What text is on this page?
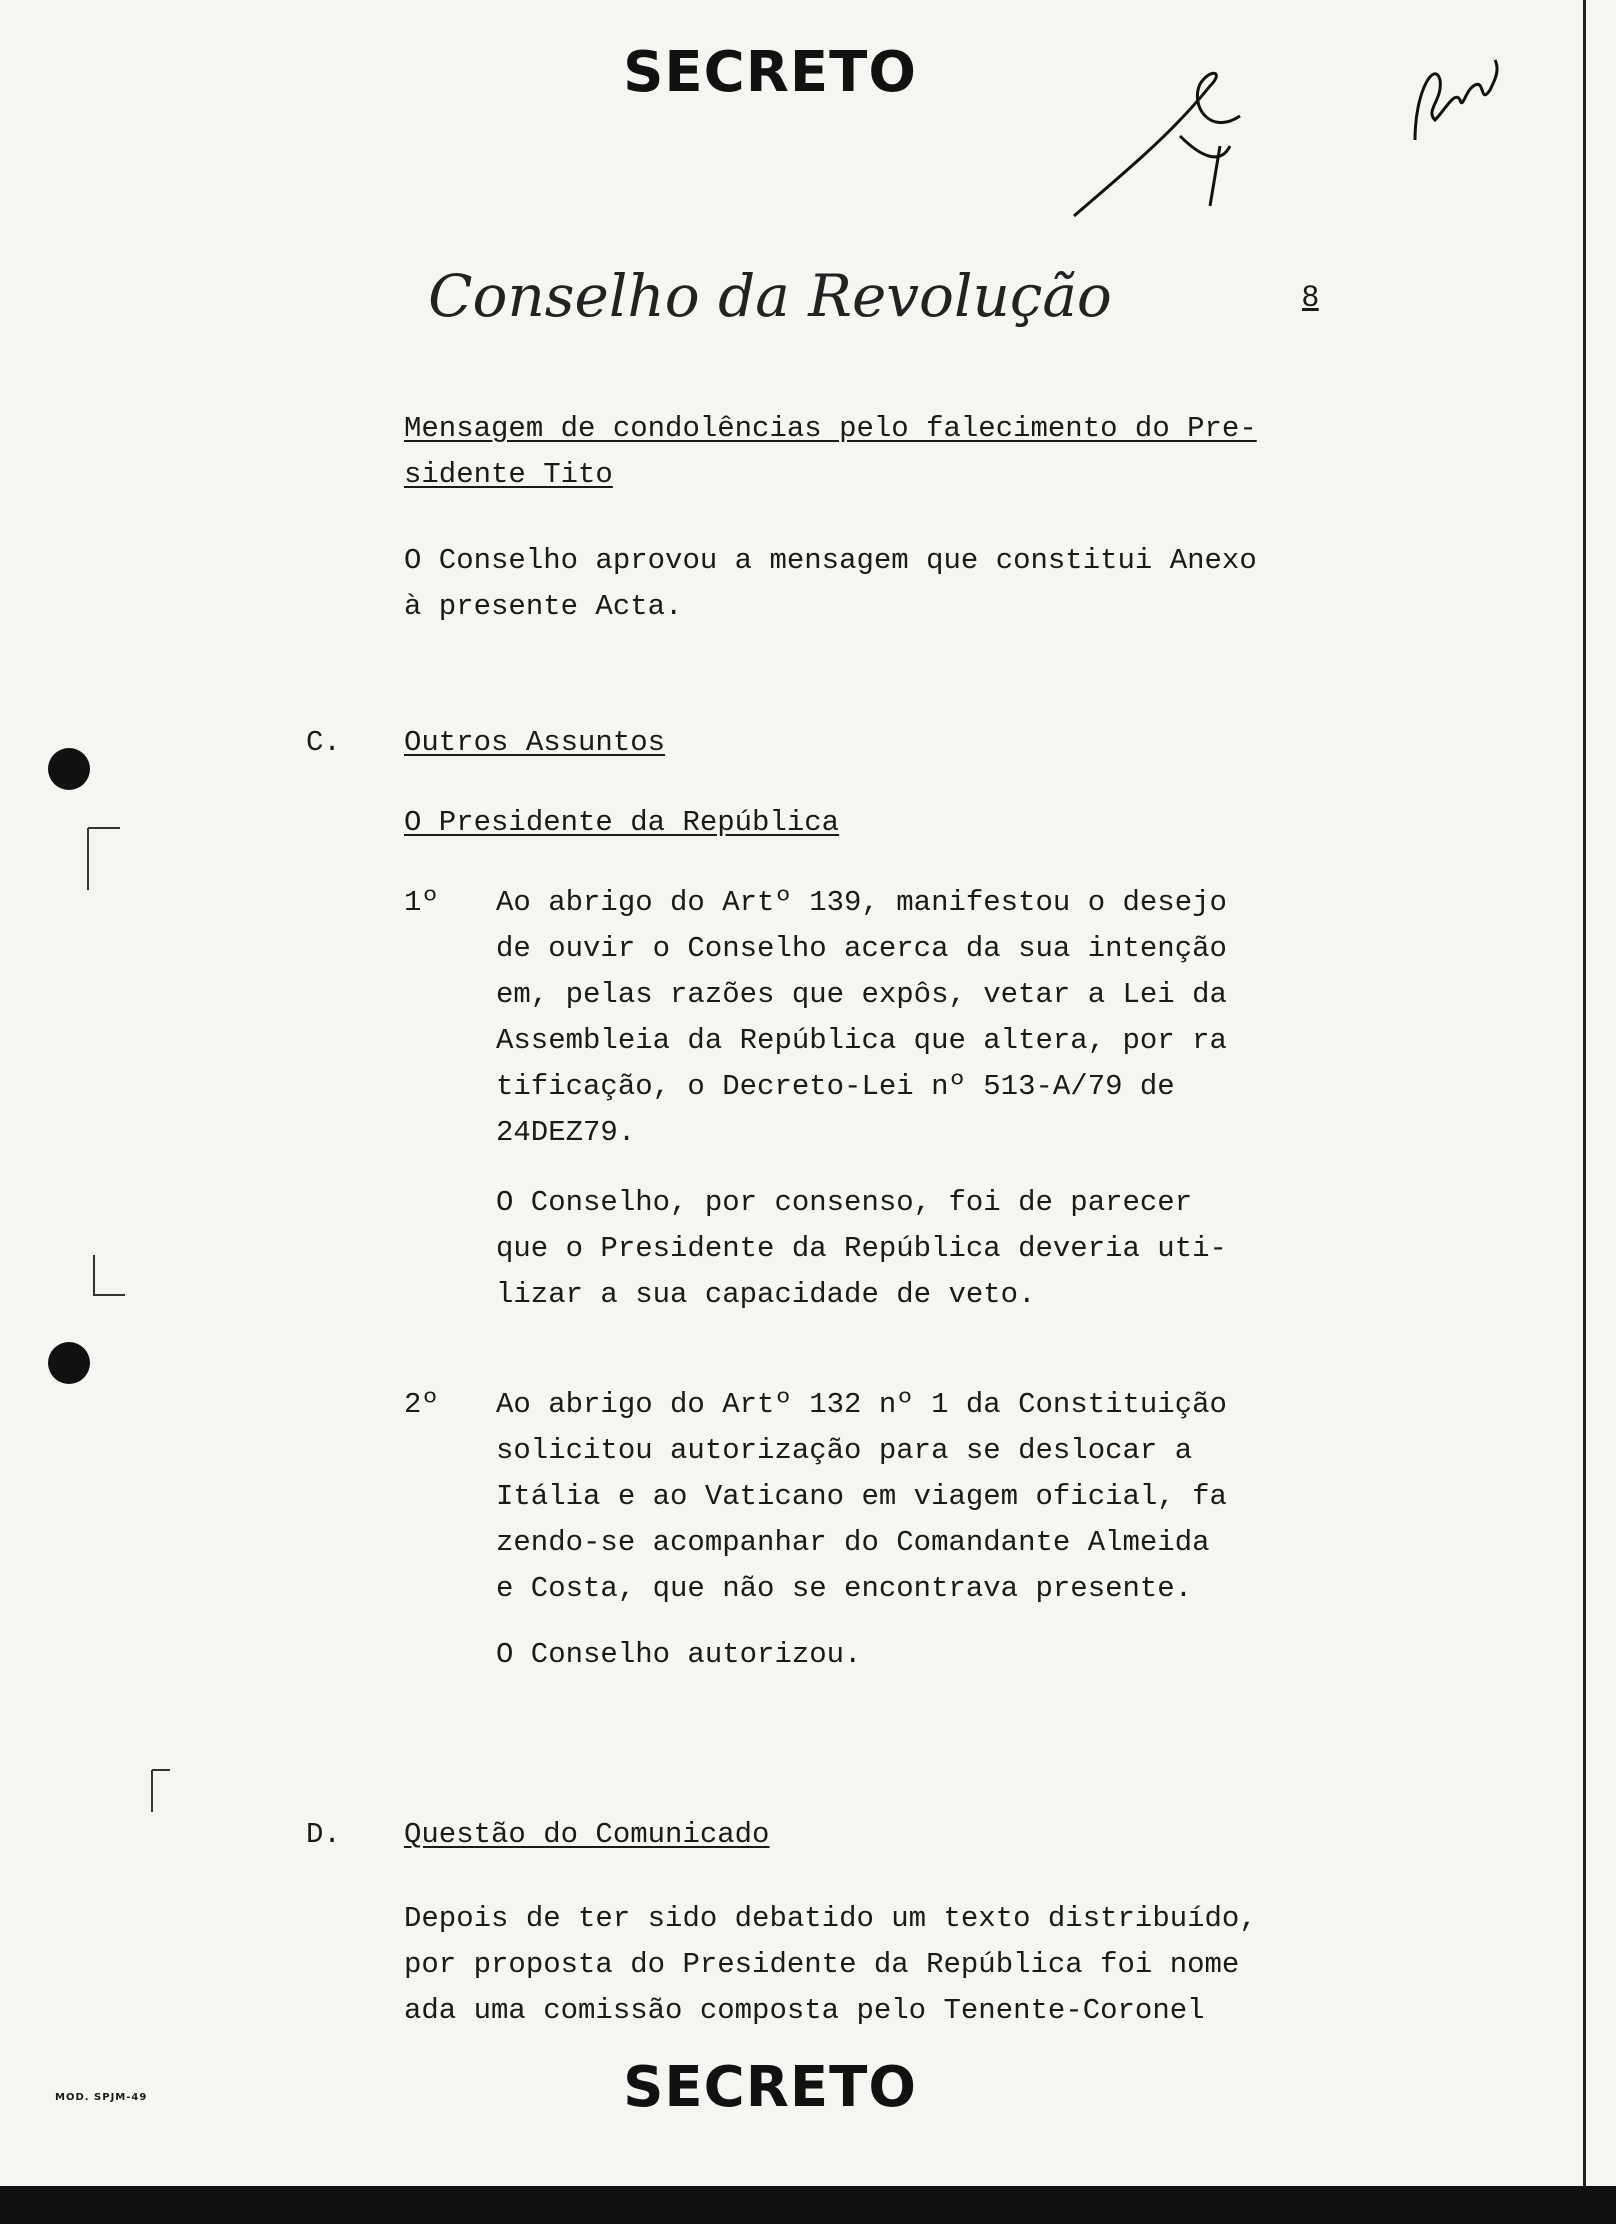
SECRETO
Conselho da Revolução	8
Mensagem de condolências pelo falecimento do Pre-
sidente Tito
O Conselho aprovou a mensagem que constitui Anexo
à presente Acta.
C. Outros Assuntos
O Presidente da República
1º Ao abrigo do Artº 139, manifestou o desejo
de ouvir o Conselho acerca da sua intenção
em, pelas razões que expôs, vetar a Lei da
Assembleia da República que altera, por ra
tificação, o Decreto-Lei nº 513-A/79 de
24DEZ79.
O Conselho, por consenso, foi de parecer
que o Presidente da República deveria uti-
lizar a sua capacidade de veto.
2º Ao abrigo do Artº 132 nº 1 da Constituição
solicitou autorização para se deslocar a
Itália e ao Vaticano em viagem oficial, fa
zendo-se acompanhar do Comandante Almeida
e Costa, que não se encontrava presente.
O Conselho autorizou.
D. Questão do Comunicado
Depois de ter sido debatido um texto distribuído,
por proposta do Presidente da República foi nome
ada uma comissão composta pelo Tenente-Coronel
SECRETO
MOD. SPJM-49
